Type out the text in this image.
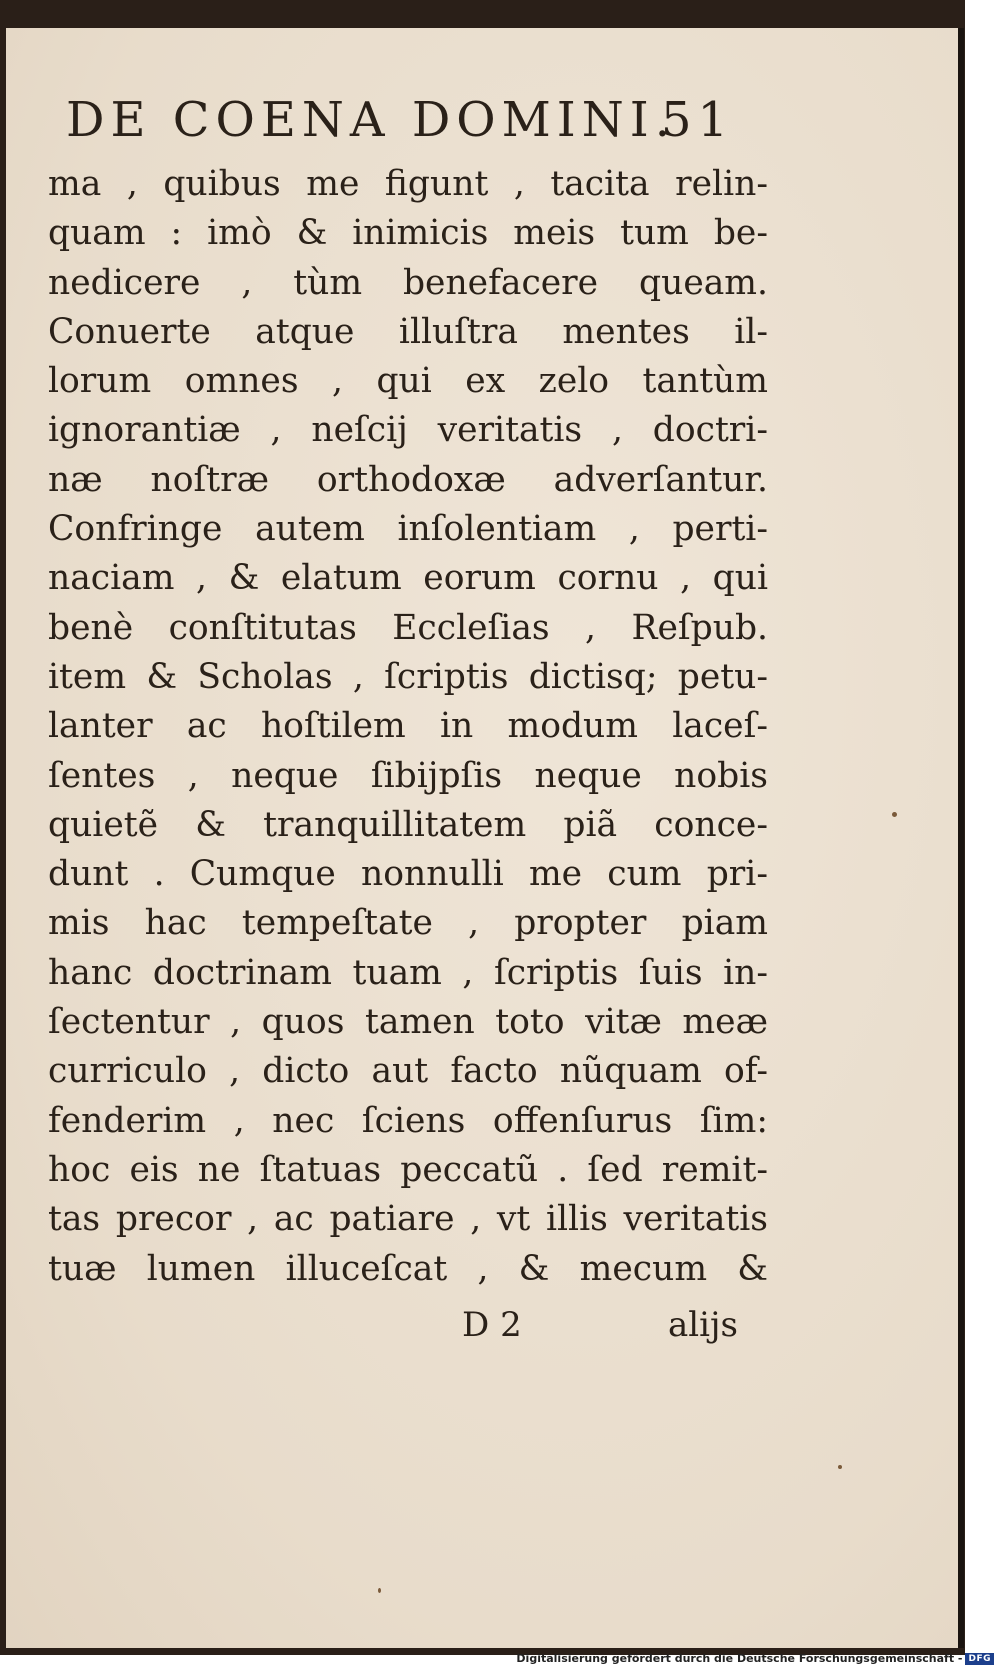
DE COENA DOMINI.
51
ma , quibus me figunt , tacita relin-
quam : imò & inimicis meis tum be-
nedicere , tùm benefacere queam.
Conuerte atque illuſtra mentes il-
lorum omnes , qui ex zelo tantùm
ignorantiæ , neſcij veritatis , doctri-
næ noſtræ orthodoxæ adverſantur.
Confringe autem inſolentiam , perti-
naciam , & elatum eorum cornu , qui
benè conſtitutas Eccleſias , Reſpub.
item & Scholas , ſcriptis dictisq; petu-
lanter ac hoſtilem in modum laceſ-
ſentes , neque ſibijpſis neque nobis
quietẽ & tranquillitatem piã conce-
dunt . Cumque nonnulli me cum pri-
mis hac tempeſtate , propter piam
hanc doctrinam tuam , ſcriptis ſuis in-
ſectentur , quos tamen toto vitæ meæ
curriculo , dicto aut facto nũquam of-
fenderim , nec ſciens offenſurus ſim:
hoc eis ne ſtatuas peccatũ . ſed remit-
tas precor , ac patiare , vt illis veritatis
tuæ lumen illuceſcat , & mecum &
D 2	alijs
Digitalisierung gefördert durch die Deutsche Forschungsgemeinschaft - DFG
